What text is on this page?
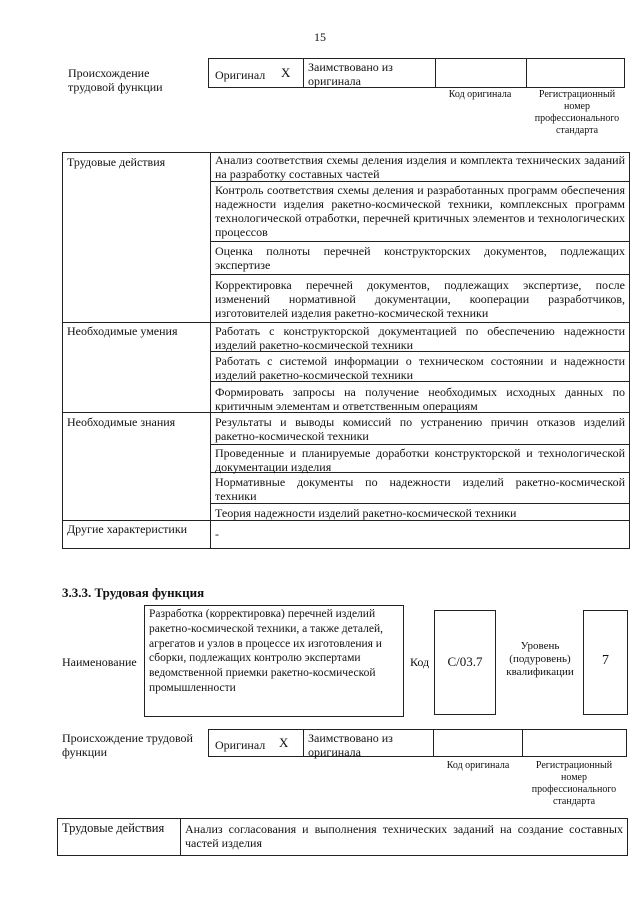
15
Происхождение трудовой функции
Оригинал X Заимствовано из оригинала
Код оригинала	Регистрационный номер профессионального стандарта
Трудовые действия	Анализ соответствия схемы деления изделия и комплекта технических заданий на разработку составных частей
Контроль соответствия схемы деления и разработанных программ обеспечения надежности изделия ракетно-космической техники, комплексных программ технологической отработки, перечней критичных элементов и технологических процессов
Оценка полноты перечней конструкторских документов, подлежащих экспертизе
Корректировка перечней документов, подлежащих экспертизе, после изменений нормативной документации, кооперации разработчиков, изготовителей изделия ракетно-космической техники
Необходимые умения	Работать с конструкторской документацией по обеспечению надежности изделий ракетно-космической техники
Работать с системой информации о техническом состоянии и надежности изделий ракетно-космической техники
Формировать запросы на получение необходимых исходных данных по критичным элементам и ответственным операциям
Необходимые знания	Результаты и выводы комиссий по устранению причин отказов изделий ракетно-космической техники
Проведенные и планируемые доработки конструкторской и технологической документации изделия
Нормативные документы по надежности изделий ракетно-космической техники
Теория надежности изделий ракетно-космической техники
Другие характеристики -
3.3.3. Трудовая функция
Наименование
Разработка (корректировка) перечней изделий ракетно-космической техники, а также деталей, агрегатов и узлов в процессе их изготовления и сборки, подлежащих контролю экспертами ведомственной приемки ракетно-космической промышленности
Код	С/03.7
Уровень (подуровень) квалификации
7
Происхождение трудовой функции	Оригинал X Заимствовано из оригинала
Код оригинала	Регистрационный номер профессионального стандарта
Трудовые действия	Анализ согласования и выполнения технических заданий на создание составных частей изделия
